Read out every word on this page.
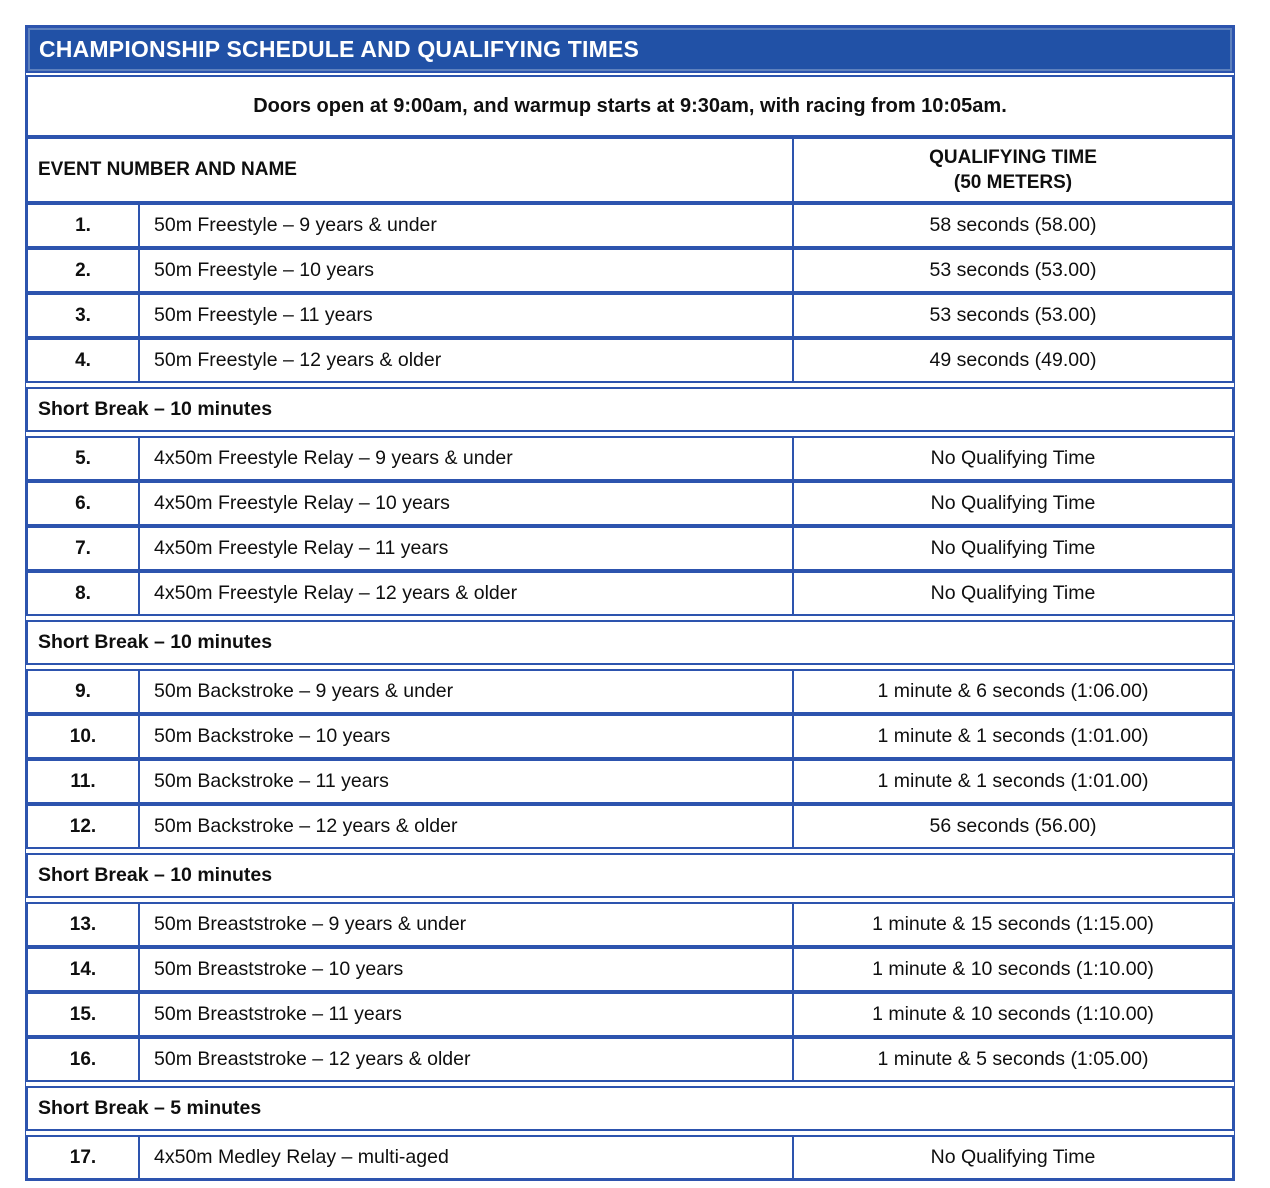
CHAMPIONSHIP SCHEDULE AND QUALIFYING TIMES
Doors open at 9:00am, and warmup starts at 9:30am, with racing from 10:05am.
EVENT NUMBER AND NAME
QUALIFYING TIME
(50 METERS)
1.	50m Freestyle – 9 years & under	58 seconds (58.00)
2.	50m Freestyle – 10 years	53 seconds (53.00)
3.	50m Freestyle – 11 years	53 seconds (53.00)
4.	50m Freestyle – 12 years & older	49 seconds (49.00)
Short Break – 10 minutes
5.	4x50m Freestyle Relay – 9 years & under	No Qualifying Time
6.	4x50m Freestyle Relay – 10 years	No Qualifying Time
7.	4x50m Freestyle Relay – 11 years	No Qualifying Time
8.	4x50m Freestyle Relay – 12 years & older	No Qualifying Time
Short Break – 10 minutes
9.	50m Backstroke – 9 years & under	1 minute & 6 seconds (1:06.00)
10.	50m Backstroke – 10 years	1 minute & 1 seconds (1:01.00)
11.	50m Backstroke – 11 years	1 minute & 1 seconds (1:01.00)
12.	50m Backstroke – 12 years & older	56 seconds (56.00)
Short Break – 10 minutes
13.	50m Breaststroke – 9 years & under	1 minute & 15 seconds (1:15.00)
14.	50m Breaststroke – 10 years	1 minute & 10 seconds (1:10.00)
15.	50m Breaststroke – 11 years	1 minute & 10 seconds (1:10.00)
16.	50m Breaststroke – 12 years & older	1 minute & 5 seconds (1:05.00)
Short Break – 5 minutes
17.	4x50m Medley Relay – multi-aged	No Qualifying Time
